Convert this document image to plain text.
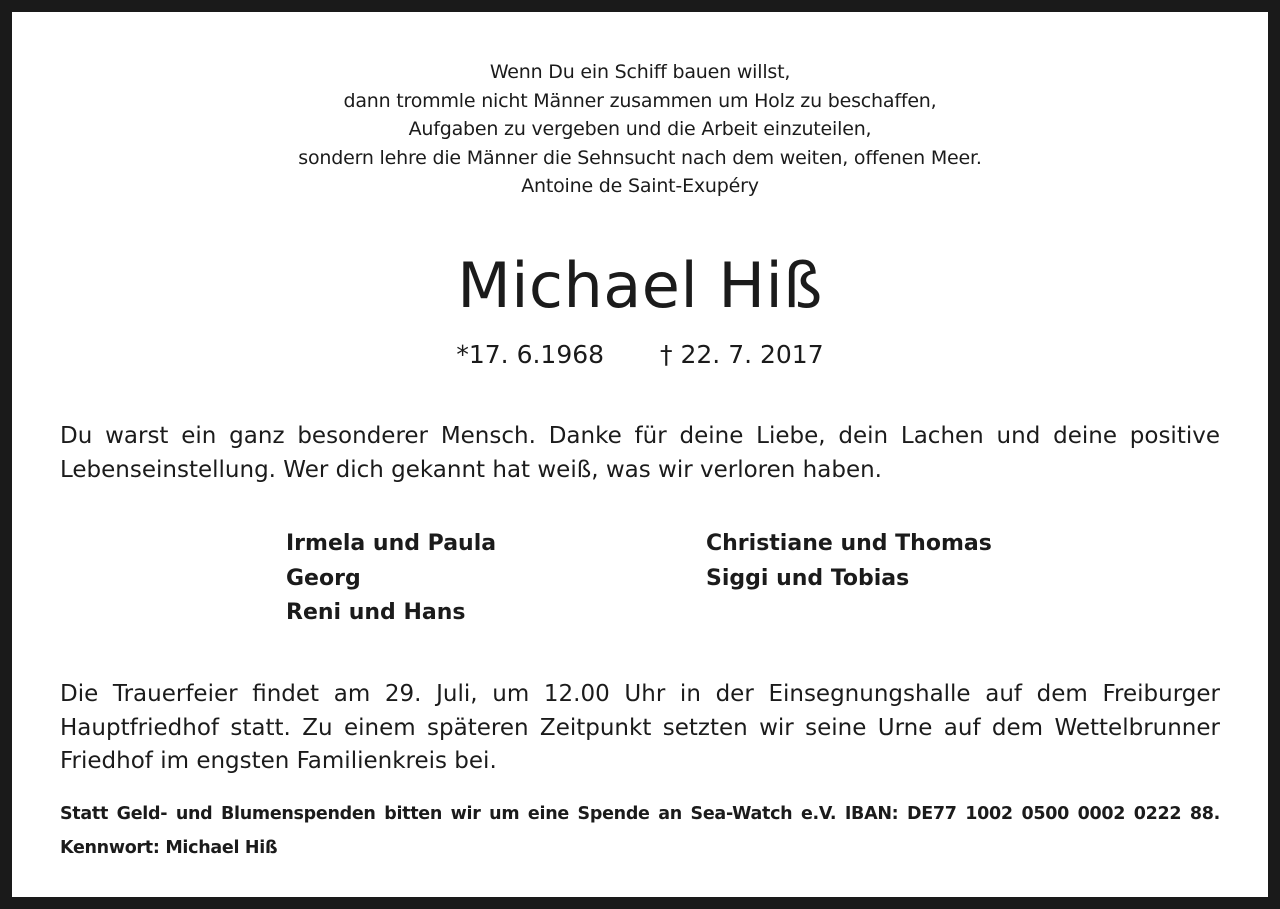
Wenn Du ein Schiff bauen willst,
dann trommle nicht Männer zusammen um Holz zu beschaffen,
Aufgaben zu vergeben und die Arbeit einzuteilen,
sondern lehre die Männer die Sehnsucht nach dem weiten, offenen Meer.
Antoine de Saint-Exupéry
Michael Hiß
*17. 6.1968 † 22. 7. 2017
Du warst ein ganz besonderer Mensch. Danke für deine Liebe, dein Lachen und deine positive
Lebenseinstellung. Wer dich gekannt hat weiß, was wir verloren haben.
Irmela und Paula
Georg
Reni und Hans
Christiane und Thomas
Siggi und Tobias
Die Trauerfeier findet am 29. Juli, um 12.00 Uhr in der Einsegnungshalle auf dem Freiburger
Hauptfriedhof statt. Zu einem späteren Zeitpunkt setzten wir seine Urne auf dem Wettelbrunner
Friedhof im engsten Familienkreis bei.
Statt Geld- und Blumenspenden bitten wir um eine Spende an Sea-Watch e.V. IBAN: DE77 1002 0500 0002 0222 88.
Kennwort: Michael Hiß
